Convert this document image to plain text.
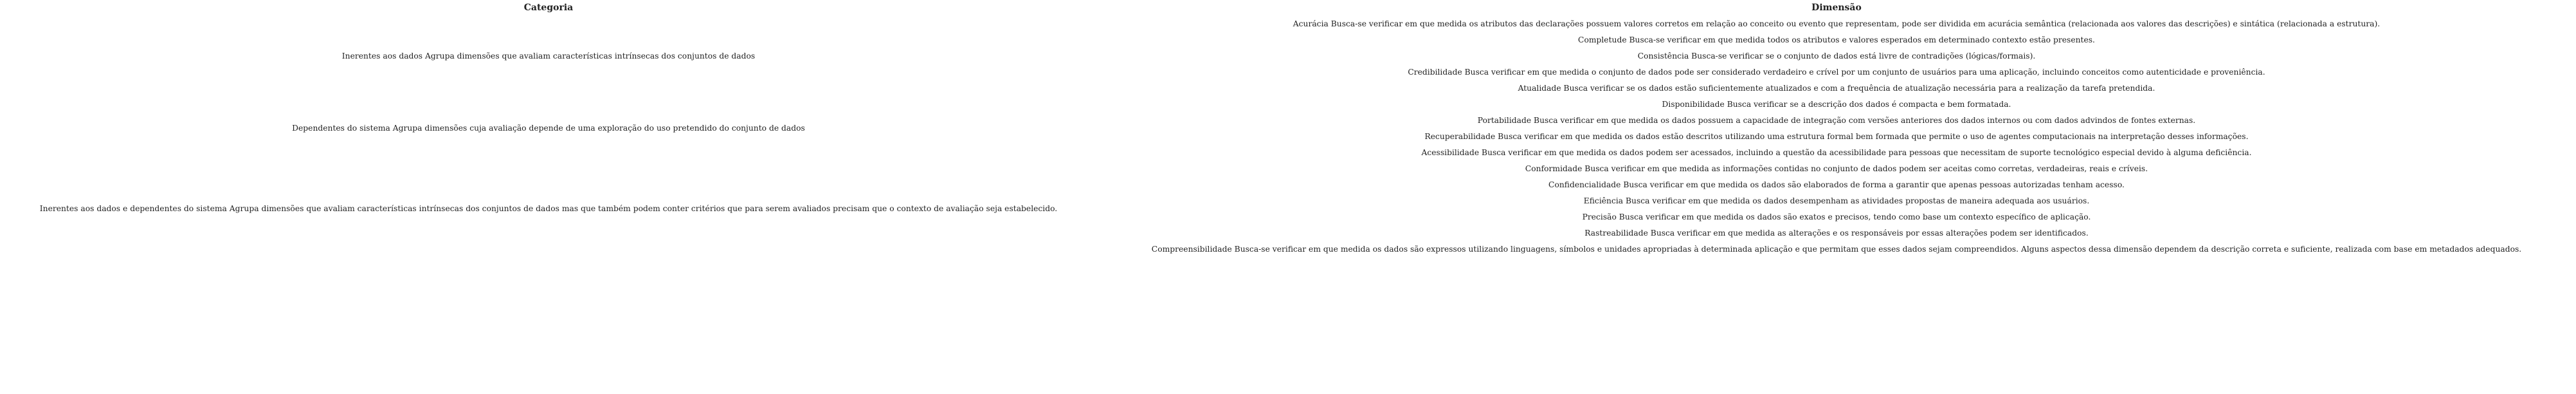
Categoria	Dimensão
Inerentes aos dados Agrupa dimensões que avaliam características intrínsecas dos conjuntos de dados	Acurácia Busca-se verificar em que medida os atributos das declarações possuem valores corretos em relação ao conceito ou evento que representam, pode ser dividida em acurácia semântica (relacionada aos valores das descrições) e sintática (relacionada a estrutura).
	Completude Busca-se verificar em que medida todos os atributos e valores esperados em determinado contexto estão presentes.
	Consistência Busca-se verificar se o conjunto de dados está livre de contradições (lógicas/formais).
	Credibilidade Busca verificar em que medida o conjunto de dados pode ser considerado verdadeiro e crível por um conjunto de usuários para uma aplicação, incluindo conceitos como autenticidade e proveniência.
	Atualidade Busca verificar se os dados estão suficientemente atualizados e com a frequência de atualização necessária para a realização da tarefa pretendida.
Dependentes do sistema Agrupa dimensões cuja avaliação depende de uma exploração do uso pretendido do conjunto de dados	Disponibilidade Busca verificar se a descrição dos dados é compacta e bem formatada.
	Portabilidade Busca verificar em que medida os dados possuem a capacidade de integração com versões anteriores dos dados internos ou com dados advindos de fontes externas.
	Recuperabilidade Busca verificar em que medida os dados estão descritos utilizando uma estrutura formal bem formada que permite o uso de agentes computacionais na interpretação desses informações.
	Acessibilidade Busca verificar em que medida os dados podem ser acessados, incluindo a questão da acessibilidade para pessoas que necessitam de suporte tecnológico especial devido à alguma deficiência.
Inerentes aos dados e dependentes do sistema Agrupa dimensões que avaliam características intrínsecas dos conjuntos de dados mas que também podem conter critérios que para serem avaliados precisam que o contexto de avaliação seja estabelecido.	Conformidade Busca verificar em que medida as informações contidas no conjunto de dados podem ser aceitas como corretas, verdadeiras, reais e críveis.
	Confidencialidade Busca verificar em que medida os dados são elaborados de forma a garantir que apenas pessoas autorizadas tenham acesso.
	Eficiência Busca verificar em que medida os dados desempenham as atividades propostas de maneira adequada aos usuários.
	Precisão Busca verificar em que medida os dados são exatos e precisos, tendo como base um contexto específico de aplicação.
	Rastreabilidade Busca verificar em que medida as alterações e os responsáveis por essas alterações podem ser identificados.
	Compreensibilidade Busca-se verificar em que medida os dados são expressos utilizando linguagens, símbolos e unidades apropriadas à determinada aplicação e que permitam que esses dados sejam compreendidos. Alguns aspectos dessa dimensão dependem da descrição correta e suficiente, realizada com base em metadados adequados.
